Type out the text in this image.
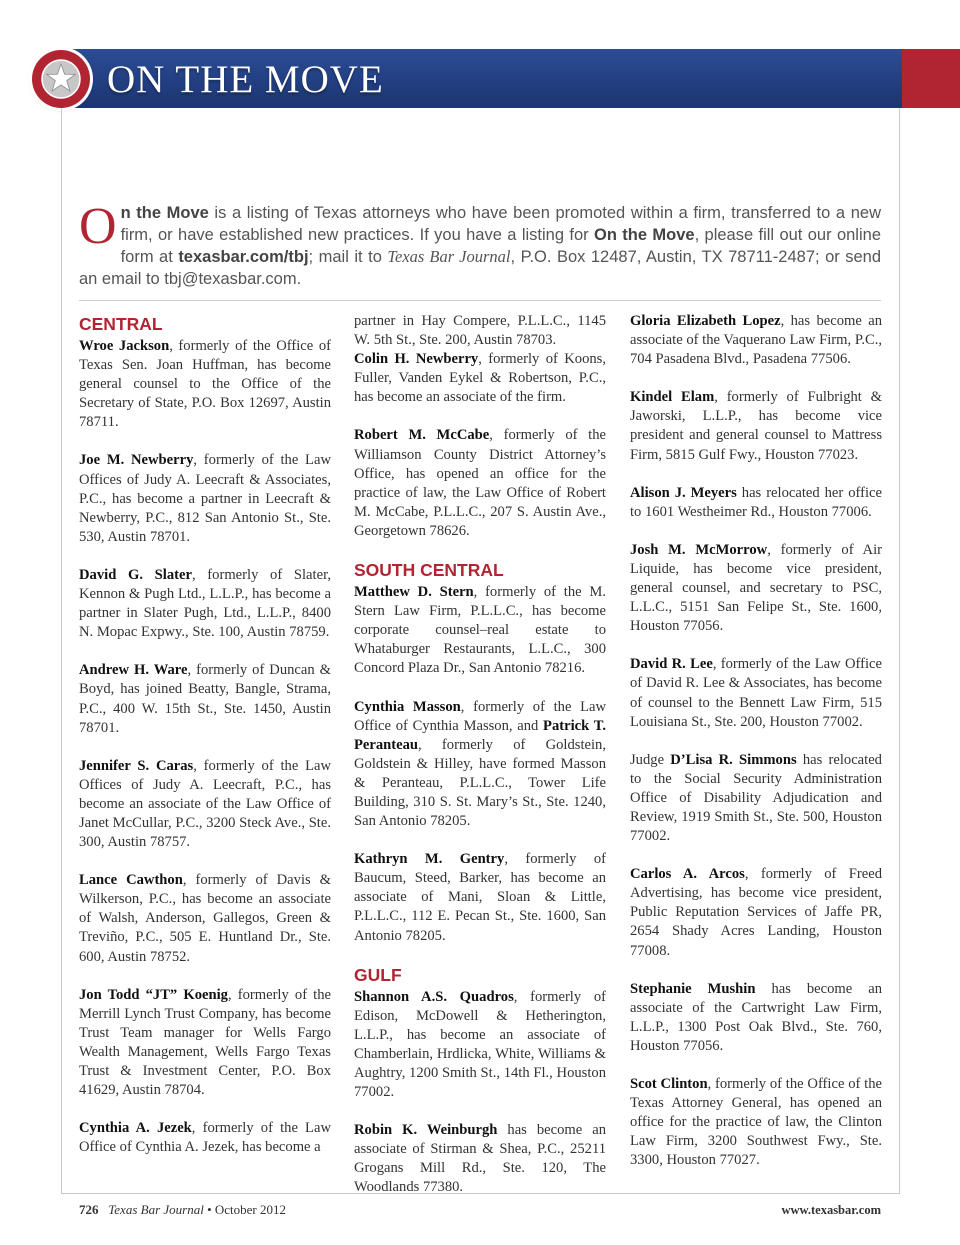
ON THE MOVE
On the Move is a listing of Texas attorneys who have been promoted within a firm, transferred to a new firm, or have established new practices. If you have a listing for On the Move, please fill out our online form at texasbar.com/tbj; mail it to Texas Bar Journal, P.O. Box 12487, Austin, TX 78711-2487; or send an email to tbj@texasbar.com.
CENTRAL

Wroe Jackson, formerly of the Office of Texas Sen. Joan Huffman, has become general counsel to the Office of the Secretary of State, P.O. Box 12697, Austin 78711.

Joe M. Newberry, formerly of the Law Offices of Judy A. Leecraft & Associates, P.C., has become a partner in Leecraft & Newberry, P.C., 812 San Antonio St., Ste. 530, Austin 78701.

David G. Slater, formerly of Slater, Kennon & Pugh Ltd., L.L.P., has become a partner in Slater Pugh, Ltd., L.L.P., 8400 N. Mopac Expwy., Ste. 100, Austin 78759.

Andrew H. Ware, formerly of Duncan & Boyd, has joined Beatty, Bangle, Strama, P.C., 400 W. 15th St., Ste. 1450, Austin 78701.

Jennifer S. Caras, formerly of the Law Offices of Judy A. Leecraft, P.C., has become an associate of the Law Office of Janet McCullar, P.C., 3200 Steck Ave., Ste. 300, Austin 78757.

Lance Cawthon, formerly of Davis & Wilkerson, P.C., has become an associate of Walsh, Anderson, Gallegos, Green & Treviño, P.C., 505 E. Huntland Dr., Ste. 600, Austin 78752.

Jon Todd “JT” Koenig, formerly of the Merrill Lynch Trust Company, has become Trust Team manager for Wells Fargo Wealth Management, Wells Fargo Texas Trust & Investment Center, P.O. Box 41629, Austin 78704.

Cynthia A. Jezek, formerly of the Law Office of Cynthia A. Jezek, has become a

partner in Hay Compere, P.L.L.C., 1145 W. 5th St., Ste. 200, Austin 78703.

Colin H. Newberry, formerly of Koons, Fuller, Vanden Eykel & Robertson, P.C., has become an associate of the firm.

Robert M. McCabe, formerly of the Williamson County District Attorney’s Office, has opened an office for the practice of law, the Law Office of Robert M. McCabe, P.L.L.C., 207 S. Austin Ave., Georgetown 78626.

SOUTH CENTRAL

Matthew D. Stern, formerly of the M. Stern Law Firm, P.L.L.C., has become corporate counsel–real estate to Whataburger Restaurants, L.L.C., 300 Concord Plaza Dr., San Antonio 78216.

Cynthia Masson, formerly of the Law Office of Cynthia Masson, and Patrick T. Peranteau, formerly of Goldstein, Goldstein & Hilley, have formed Masson & Peranteau, P.L.L.C., Tower Life Building, 310 S. St. Mary’s St., Ste. 1240, San Antonio 78205.

Kathryn M. Gentry, formerly of Baucum, Steed, Barker, has become an associate of Mani, Sloan & Little, P.L.L.C., 112 E. Pecan St., Ste. 1600, San Antonio 78205.

GULF

Shannon A.S. Quadros, formerly of Edison, McDowell & Hetherington, L.L.P., has become an associate of Chamberlain, Hrdlicka, White, Williams & Aughtry, 1200 Smith St., 14th Fl., Houston 77002.

Robin K. Weinburgh has become an associate of Stirman & Shea, P.C., 25211 Grogans Mill Rd., Ste. 120, The Woodlands 77380.

Gloria Elizabeth Lopez, has become an associate of the Vaquerano Law Firm, P.C., 704 Pasadena Blvd., Pasadena 77506.

Kindel Elam, formerly of Fulbright & Jaworski, L.L.P., has become vice president and general counsel to Mattress Firm, 5815 Gulf Fwy., Houston 77023.

Alison J. Meyers has relocated her office to 1601 Westheimer Rd., Houston 77006.

Josh M. McMorrow, formerly of Air Liquide, has become vice president, general counsel, and secretary to PSC, L.L.C., 5151 San Felipe St., Ste. 1600, Houston 77056.

David R. Lee, formerly of the Law Office of David R. Lee & Associates, has become of counsel to the Bennett Law Firm, 515 Louisiana St., Ste. 200, Houston 77002.

Judge D’Lisa R. Simmons has relocated to the Social Security Administration Office of Disability Adjudication and Review, 1919 Smith St., Ste. 500, Houston 77002.

Carlos A. Arcos, formerly of Freed Advertising, has become vice president, Public Reputation Services of Jaffe PR, 2654 Shady Acres Landing, Houston 77008.

Stephanie Mushin has become an associate of the Cartwright Law Firm, L.L.P., 1300 Post Oak Blvd., Ste. 760, Houston 77056.

Scot Clinton, formerly of the Office of the Texas Attorney General, has opened an office for the practice of law, the Clinton Law Firm, 3200 Southwest Fwy., Ste. 3300, Houston 77027.

726 Texas Bar Journal • October 2012	www.texasbar.com
